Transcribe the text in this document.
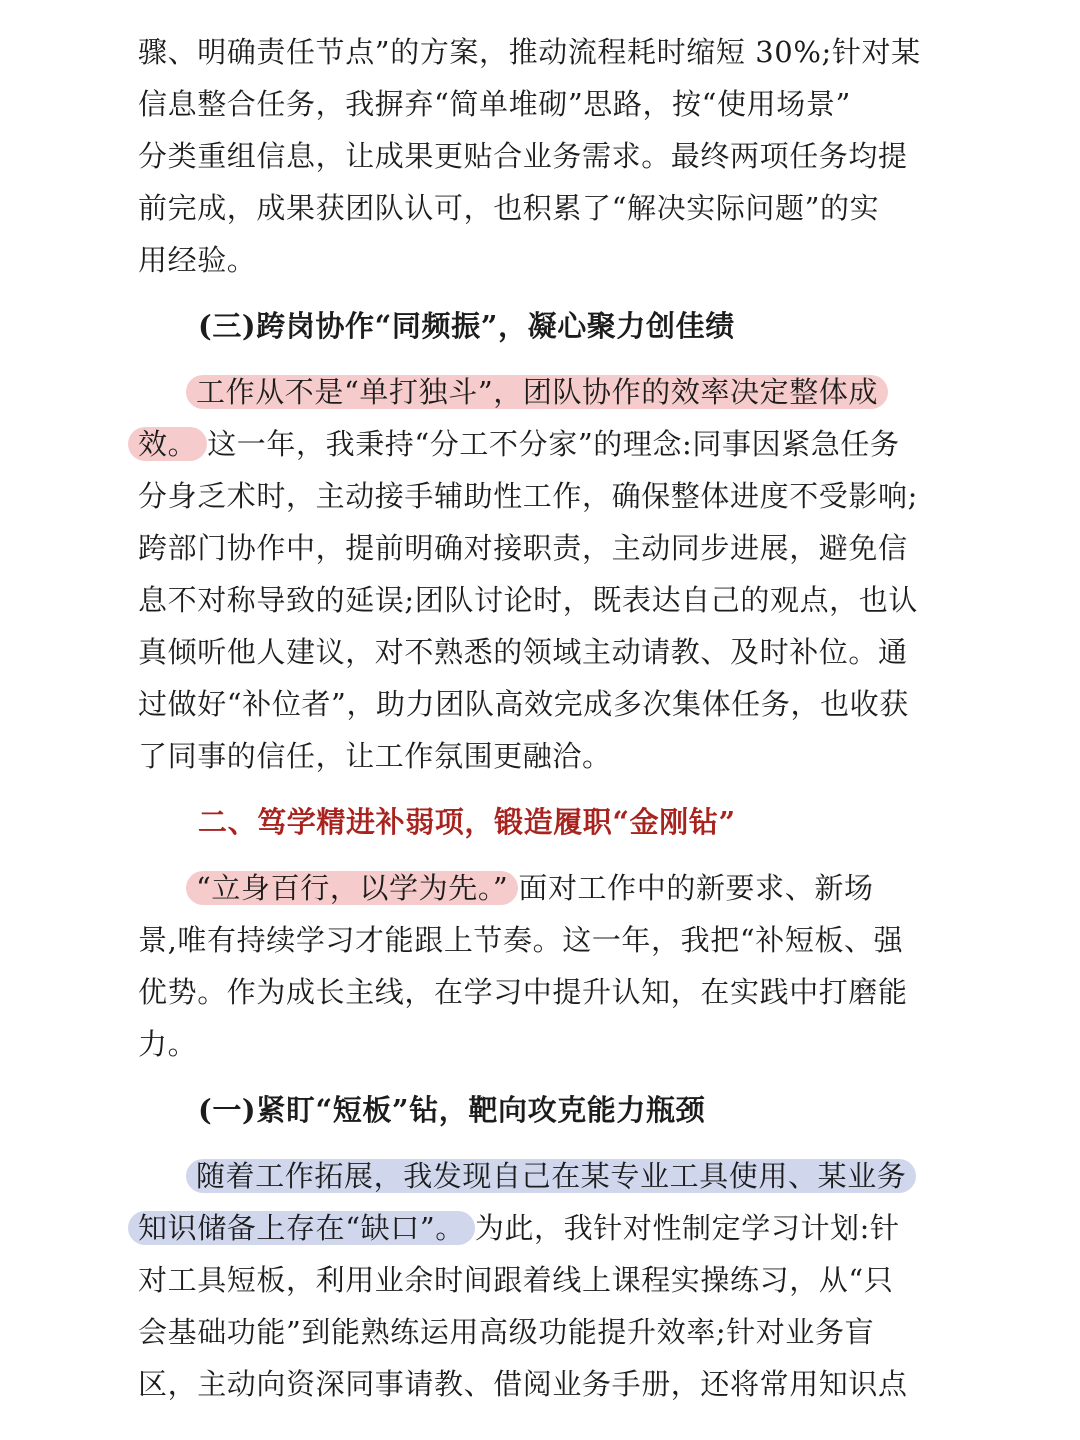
骤、明确责任节点”的方案，推动流程耗时缩短 30%;针对某
信息整合任务，我摒弃“简单堆砌”思路，按“使用场景”
分类重组信息，让成果更贴合业务需求。最终两项任务均提
前完成，成果获团队认可，也积累了“解决实际问题”的实
用经验。
(三)跨岗协作“同频振”，凝心聚力创佳绩
工作从不是“单打独斗”，团队协作的效率决定整体成
效。 这一年，我秉持“分工不分家”的理念:同事因紧急任务
分身乏术时，主动接手辅助性工作，确保整体进度不受影响;
跨部门协作中，提前明确对接职责，主动同步进展，避免信
息不对称导致的延误;团队讨论时，既表达自己的观点，也认
真倾听他人建议，对不熟悉的领域主动请教、及时补位。通
过做好“补位者”，助力团队高效完成多次集体任务，也收获
了同事的信任，让工作氛围更融洽。
二、笃学精进补弱项，锻造履职“金刚钻”
“立身百行，以学为先。” 面对工作中的新要求、新场
景,唯有持续学习才能跟上节奏。这一年，我把“补短板、强
优势。作为成长主线，在学习中提升认知，在实践中打磨能
力。
(一)紧盯“短板”钻，靶向攻克能力瓶颈
随着工作拓展，我发现自己在某专业工具使用、某业务
知识储备上存在“缺口”。 为此，我针对性制定学习计划:针
对工具短板，利用业余时间跟着线上课程实操练习，从“只
会基础功能”到能熟练运用高级功能提升效率;针对业务盲
区，主动向资深同事请教、借阅业务手册，还将常用知识点
